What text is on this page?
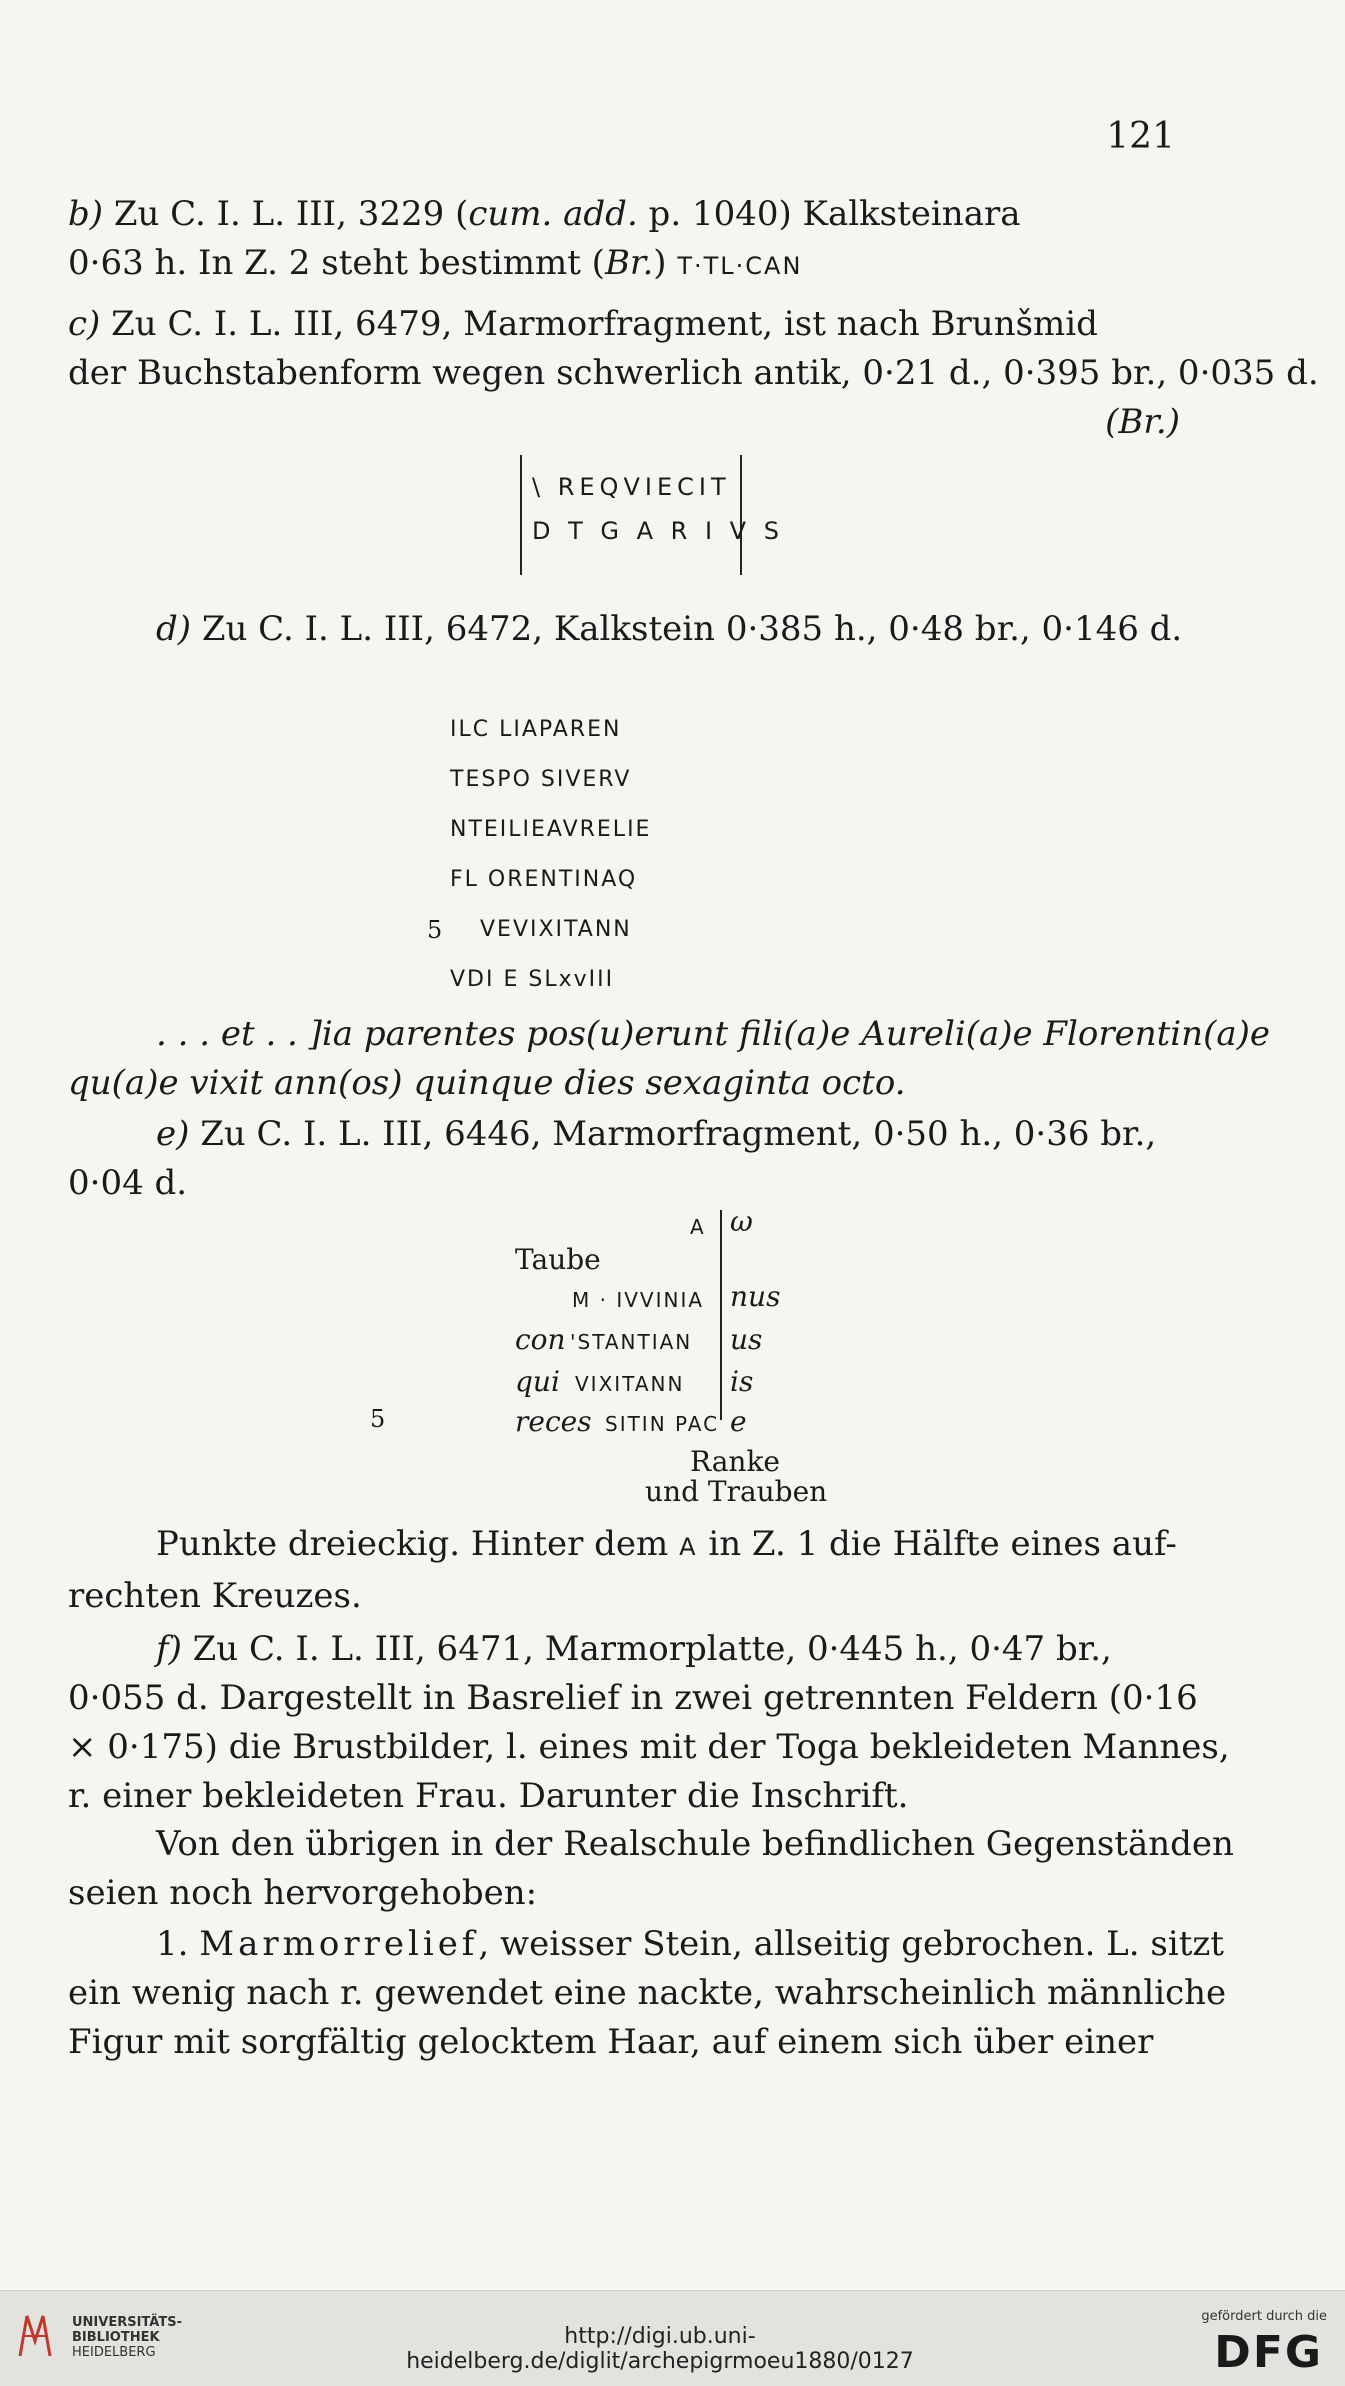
121
b) Zu C. I. L. III, 3229 (cum. add. p. 1040) Kalksteinara
0·63 h. In Z. 2 steht bestimmt (Br.) T·TL·CAN
c) Zu C. I. L. III, 6479, Marmorfragment, ist nach Brunšmid
der Buchstabenform wegen schwerlich antik, 0·21 d., 0·395 br., 0·035 d.
(Br.)
\ REQVIECIT
D T G A R I V S
d) Zu C. I. L. III, 6472, Kalkstein 0·385 h., 0·48 br., 0·146 d.
ILC LIAPAREN
TESPO SIVERV
NTEILIEAVRELIE
FL ORENTINAQ
5 VEVIXITANN
VDI E SLxvIII
. . . et . . ]ia parentes pos(u)erunt fili(a)e Aureli(a)e Florentin(a)e
qu(a)e vixit ann(os) quinque dies sexaginta octo.
e) Zu C. I. L. III, 6446, Marmorfragment, 0·50 h., 0·36 br.,
0·04 d.
A ω
Taube
M · IVVINIA nus
con 'STANTIAN us
qui VIXITANN is
5	reces SITIN PAC e
Ranke
und Trauben
Punkte dreieckig. Hinter dem A in Z. 1 die Hälfte eines auf-
rechten Kreuzes.
f) Zu C. I. L. III, 6471, Marmorplatte, 0·445 h., 0·47 br.,
0·055 d. Dargestellt in Basrelief in zwei getrennten Feldern (0·16
× 0·175) die Brustbilder, l. eines mit der Toga bekleideten Mannes,
r. einer bekleideten Frau. Darunter die Inschrift.
Von den übrigen in der Realschule befindlichen Gegenständen
seien noch hervorgehoben:
1. Marmorrelief, weisser Stein, allseitig gebrochen. L. sitzt
ein wenig nach r. gewendet eine nackte, wahrscheinlich männliche
Figur mit sorgfältig gelocktem Haar, auf einem sich über einer
UNIVERSITÄTS-
BIBLIOTHEK
HEIDELBERG
http://digi.ub.uni-heidelberg.de/diglit/archepigrmoeu1880/0127
gefördert durch die
DFG
